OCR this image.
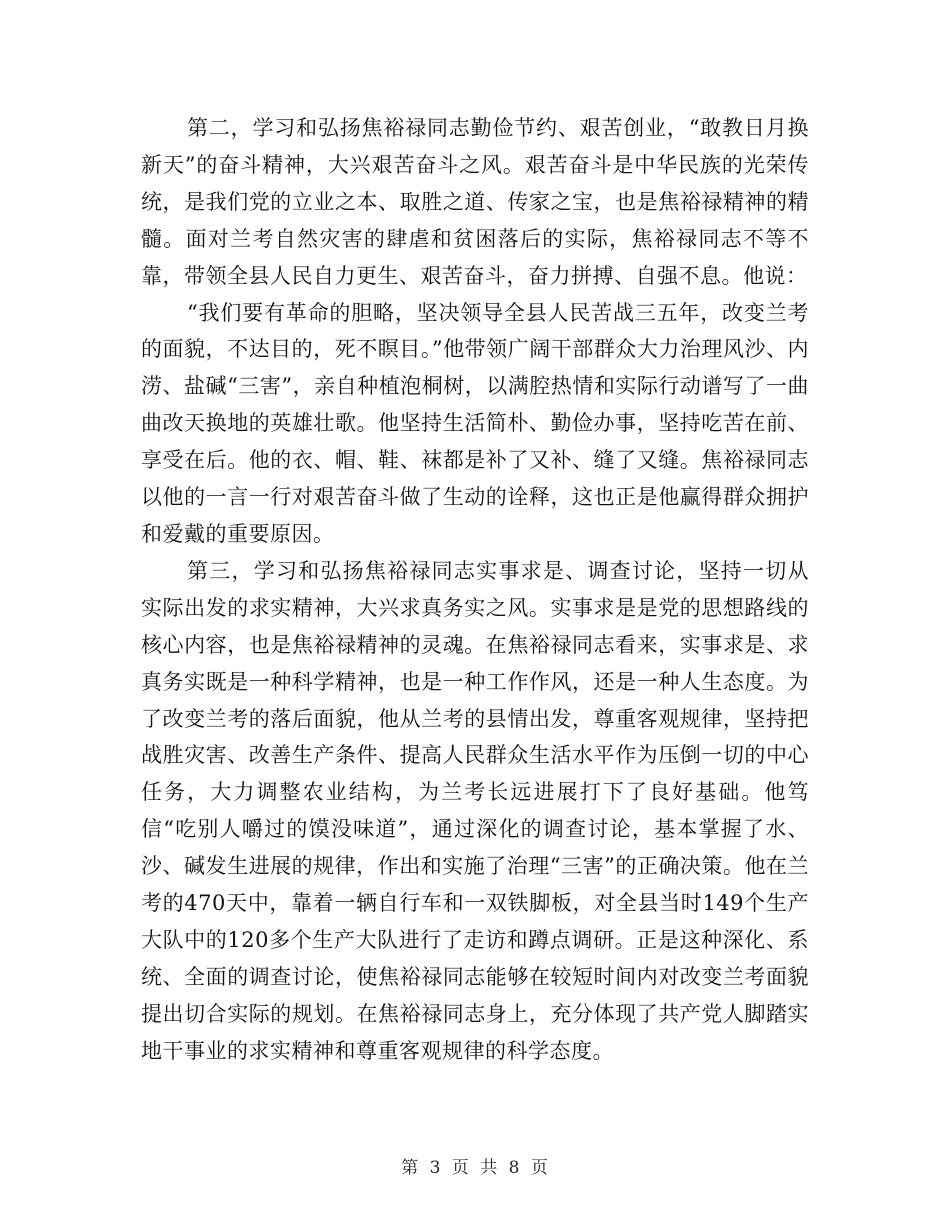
第二，学习和弘扬焦裕禄同志勤俭节约、艰苦创业，“敢教日月换新天”的奋斗精神，大兴艰苦奋斗之风。艰苦奋斗是中华民族的光荣传统，是我们党的立业之本、取胜之道、传家之宝，也是焦裕禄精神的精髓。面对兰考自然灾害的肆虐和贫困落后的实际，焦裕禄同志不等不靠，带领全县人民自力更生、艰苦奋斗，奋力拼搏、自强不息。他说：

“我们要有革命的胆略，坚决领导全县人民苦战三五年，改变兰考的面貌，不达目的，死不瞑目。”他带领广阔干部群众大力治理风沙、内涝、盐碱“三害”，亲自种植泡桐树，以满腔热情和实际行动谱写了一曲曲改天换地的英雄壮歌。他坚持生活简朴、勤俭办事，坚持吃苦在前、享受在后。他的衣、帽、鞋、袜都是补了又补、缝了又缝。焦裕禄同志以他的一言一行对艰苦奋斗做了生动的诠释，这也正是他赢得群众拥护和爱戴的重要原因。

第三，学习和弘扬焦裕禄同志实事求是、调查讨论，坚持一切从实际出发的求实精神，大兴求真务实之风。实事求是是党的思想路线的核心内容，也是焦裕禄精神的灵魂。在焦裕禄同志看来，实事求是、求真务实既是一种科学精神，也是一种工作作风，还是一种人生态度。为了改变兰考的落后面貌，他从兰考的县情出发，尊重客观规律，坚持把战胜灾害、改善生产条件、提高人民群众生活水平作为压倒一切的中心任务，大力调整农业结构，为兰考长远进展打下了良好基础。他笃信“吃别人嚼过的馍没味道”，通过深化的调查讨论，基本掌握了水、沙、碱发生进展的规律，作出和实施了治理“三害”的正确决策。他在兰考的470天中，靠着一辆自行车和一双铁脚板，对全县当时149个生产大队中的120多个生产大队进行了走访和蹲点调研。正是这种深化、系统、全面的调查讨论，使焦裕禄同志能够在较短时间内对改变兰考面貌提出切合实际的规划。在焦裕禄同志身上，充分体现了共产党人脚踏实地干事业的求实精神和尊重客观规律的科学态度。

第 3 页 共 8 页
